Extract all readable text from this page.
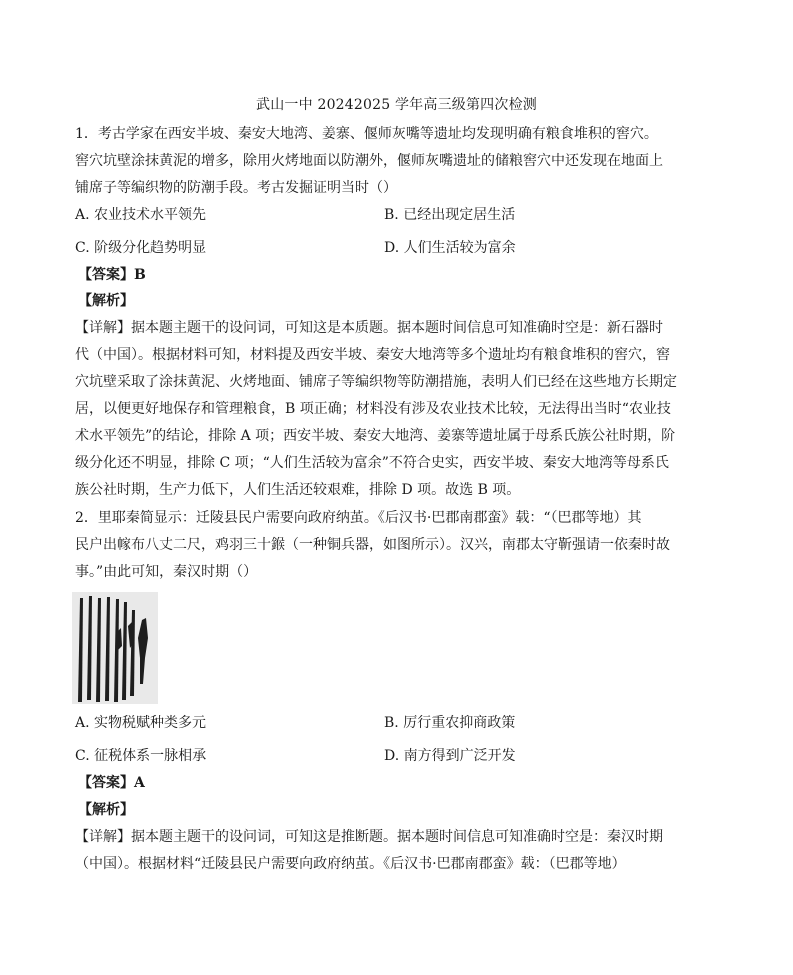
武山一中 20242025 学年高三级第四次检测
1．考古学家在西安半坡、秦安大地湾、姜寨、偃师灰嘴等遗址均发现明确有粮食堆积的窖穴。
窖穴坑壁涂抹黄泥的增多，除用火烤地面以防潮外，偃师灰嘴遗址的储粮窖穴中还发现在地面上
铺席子等编织物的防潮手段。考古发掘证明当时（）
A. 农业技术水平领先	B. 已经出现定居生活
C. 阶级分化趋势明显	D. 人们生活较为富余
【答案】B
【解析】
【详解】据本题主题干的设问词，可知这是本质题。据本题时间信息可知准确时空是：新石器时
代（中国）。根据材料可知，材料提及西安半坡、秦安大地湾等多个遗址均有粮食堆积的窖穴，窖
穴坑壁采取了涂抹黄泥、火烤地面、铺席子等编织物等防潮措施，表明人们已经在这些地方长期定
居，以便更好地保存和管理粮食，B 项正确；材料没有涉及农业技术比较，无法得出当时“农业技
术水平领先”的结论，排除 A 项；西安半坡、秦安大地湾、姜寨等遗址属于母系氏族公社时期，阶
级分化还不明显，排除 C 项；“人们生活较为富余”不符合史实，西安半坡、秦安大地湾等母系氏
族公社时期，生产力低下，人们生活还较艰难，排除 D 项。故选 B 项。
2．里耶秦简显示：迁陵县民户需要向政府纳茧。《后汉书·巴郡南郡蛮》载：“（巴郡等地）其
民户出幏布八丈二尺，鸡羽三十鍭（一种铜兵器，如图所示）。汉兴，南郡太守靳强请一依秦时故
事。”由此可知，秦汉时期（）
A. 实物税赋种类多元	B. 厉行重农抑商政策
C. 征税体系一脉相承	D. 南方得到广泛开发
【答案】A
【解析】
【详解】据本题主题干的设问词，可知这是推断题。据本题时间信息可知准确时空是：秦汉时期
（中国）。根据材料“迁陵县民户需要向政府纳茧。《后汉书·巴郡南郡蛮》载：（巴郡等地）
